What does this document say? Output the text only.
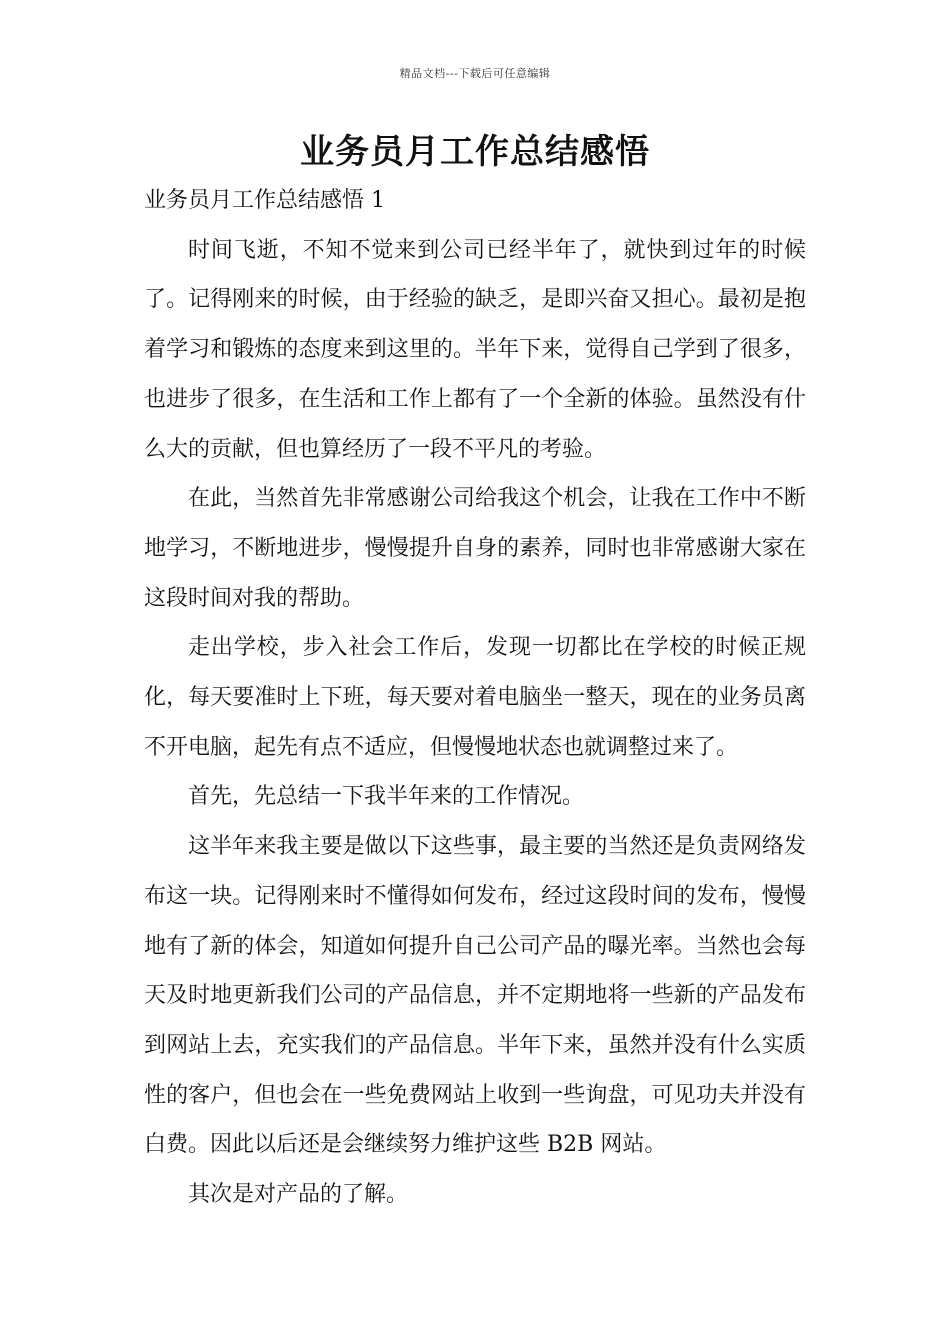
精品文档---下载后可任意编辑
业务员月工作总结感悟

业务员月工作总结感悟 1

时间飞逝，不知不觉来到公司已经半年了，就快到过年的时候了。记得刚来的时候，由于经验的缺乏，是即兴奋又担心。最初是抱着学习和锻炼的态度来到这里的。半年下来，觉得自己学到了很多，也进步了很多，在生活和工作上都有了一个全新的体验。虽然没有什么大的贡献，但也算经历了一段不平凡的考验。

在此，当然首先非常感谢公司给我这个机会，让我在工作中不断地学习，不断地进步，慢慢提升自身的素养，同时也非常感谢大家在这段时间对我的帮助。

走出学校，步入社会工作后，发现一切都比在学校的时候正规化，每天要准时上下班，每天要对着电脑坐一整天，现在的业务员离不开电脑，起先有点不适应，但慢慢地状态也就调整过来了。

首先，先总结一下我半年来的工作情况。

这半年来我主要是做以下这些事，最主要的当然还是负责网络发布这一块。记得刚来时不懂得如何发布，经过这段时间的发布，慢慢地有了新的体会，知道如何提升自己公司产品的曝光率。当然也会每天及时地更新我们公司的产品信息，并不定期地将一些新的产品发布到网站上去，充实我们的产品信息。半年下来，虽然并没有什么实质性的客户，但也会在一些免费网站上收到一些询盘，可见功夫并没有白费。因此以后还是会继续努力维护这些 B2B 网站。

其次是对产品的了解。
